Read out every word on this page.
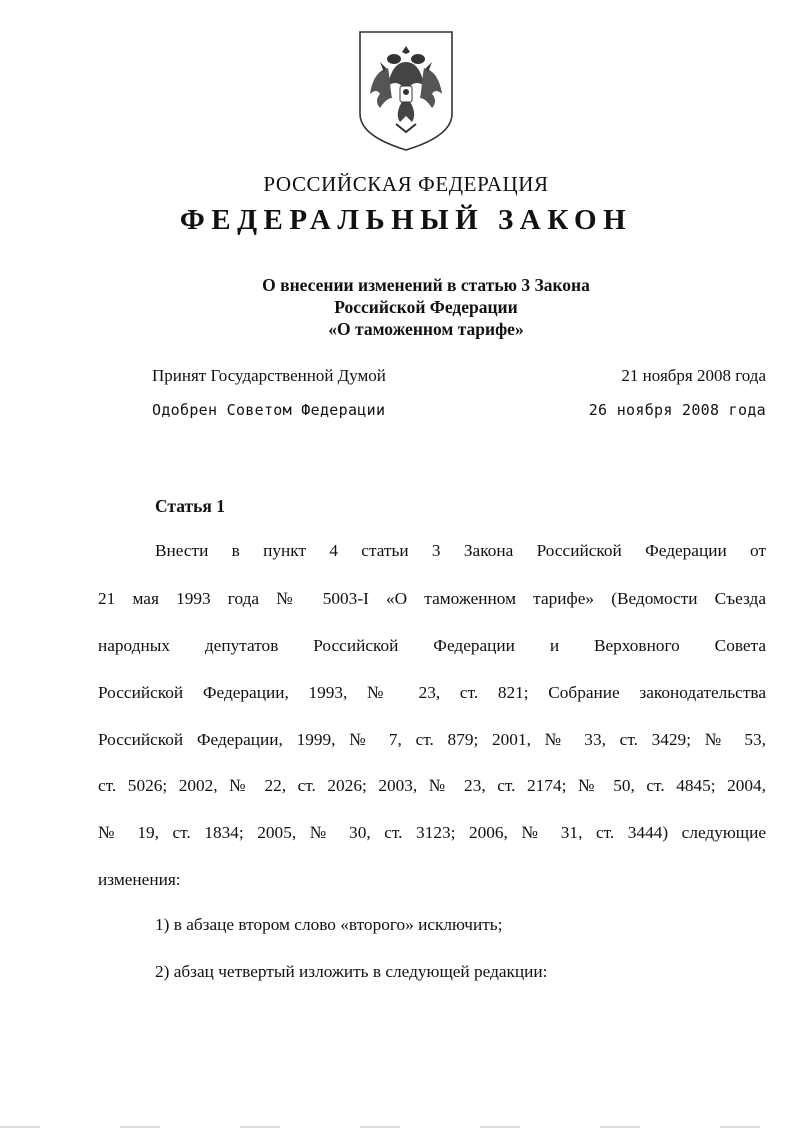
РОССИЙСКАЯ ФЕДЕРАЦИЯ
ФЕДЕРАЛЬНЫЙ ЗАКОН
О внесении изменений в статью 3 Закона
Российской Федерации
«О таможенном тарифе»
Принят Государственной Думой	21 ноября 2008 года
Одобрен Советом Федерации	26 ноября 2008 года
Статья 1
Внести в пункт 4 статьи 3 Закона Российской Федерации от
21 мая 1993 года № 5003-I «О таможенном тарифе» (Ведомости Съезда
народных депутатов Российской Федерации и Верховного Совета
Российской Федерации, 1993, № 23, ст. 821; Собрание законодательства
Российской Федерации, 1999, № 7, ст. 879; 2001, № 33, ст. 3429; № 53,
ст. 5026; 2002, № 22, ст. 2026; 2003, № 23, ст. 2174; № 50, ст. 4845; 2004,
№ 19, ст. 1834; 2005, № 30, ст. 3123; 2006, № 31, ст. 3444) следующие
изменения:
1) в абзаце втором слово «второго» исключить;
2) абзац четвертый изложить в следующей редакции:
